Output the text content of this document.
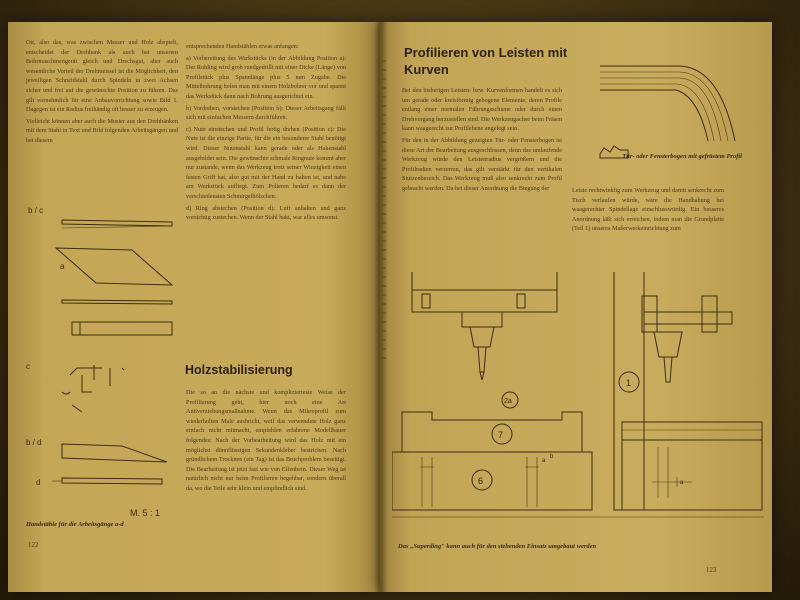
Ott, also das, was zwischen Messer und Holz abspielt, entscheidet der Drehbank als auch bei unserem Bohrmaschinengerät gleich und Drechsgut, aber auch wesentliche Vorteil der Drehmeissel ist die Möglichkeit, den jeweiligen Schneidstahl durch Spindeln in zwei Achsen sicher und frei auf die gewünschte Position zu führen. Das gilt vornehmlich für eine Anbauvorrichtung sowie Bild 1. Dagegen ist ein Radius freihändig oft besser zu erzeugen.

Vielleicht können aber auch die Muster aus den Drehbänken mit dem Stahl in Text und Bild folgenden Arbeitsgängen und bei diesem

b / c
a
c
b / d
d
M. 5 : 1
Handstähle für die Arbeitsgänge a-d
122

entsprechenden Handstählen etwas anfangen:

a) Vorbereitung des Werkstücks (in der Abbildung Position a): Der Rohling wird grob rundgedrillt mit einer Dicke (Länge) von Profilstück plus Spannlänge plus 5 mm Zugabe. Die Mittelbohrung holen man mit einem Holzbohrer vor und spannt das Werkstück dann nach Bohrung ausgerichtet ein.

b) Vordrehen, vorstechen (Position b): Dieser Arbeitsgang fällt sich mit einfachen Messern durchführen.

c) Nute einstechen und Profil fertig drehen (Position c): Die Nute ist die einzige Partie, für die ein besonderer Stahl benötigt wird. Dieser Nutenstahl kann gerade oder als Hakenstahl ausgebildet sein. Die gewünschte schmale Ringnute kommt aber nur zustande, wenn das Werkzeug trotz seiner Winzigkeit einen festen Griff hat, also gut mit der Hand zu halten ist, und nahe am Werkstück aufliegt. Zum Polieren bedarf es dann der verschiedensten Schmirgelhölzchen.

d) Ring abstechen (Position d): Luft anhalten und ganz vorsichtig zustechen. Wenn der Stahl hakt, war alles umsonst.

Holzstabilisierung

Die so an die nächste und komplizierteste Weise der Profilierung geht, hier noch eine Art Antiverziehungsmaßnahme. Wenn das Mikroprofil zum wiederholten Male ausbricht, weil das verwendete Holz ganz einfach nicht mitmacht, empfehlen erfahrene Modellbauer folgendes: Nach der Vorbearbeitung wird das Holz mit ein möglichst dünnflüssigen Sekundenkleber bestrichen. Nach gründlichem Trocknen (ein Tag) ist das Bruchproblem beseitigt. Die Bearbeitung ist jetzt fast wie von Elfenbein. Dieser Weg ist natürlich nicht nur beim Profilieren begehbar, sondern überall da, wo die Teile sehr klein und empfindlich sind.

Profilieren von Leisten mit Kurven

Bei den bisherigen Leisten- bzw. Kurvenformen handelt es sich um gerade oder kreisförmig gebogene Elemente, deren Profile entlang einer normalen Führungsschiene oder durch einen Drehvorgang herzustellen sind. Die Werkzeugachse beim Fräsen kann waagerecht zur Profilebene angelegt sein.

Für den in der Abbildung gezeigten Tür- oder Fensterbogen ist diese Art der Bearbeitung ausgeschlossen, denn das umlaufende Werkzeug würde den Leistenradius vergrößern und die Profilradien verzerren, das gilt verstärkt für den vertikalen Stutzenbereich. Das Werkzeug muß also senkrecht zum Profil gebracht werden. Da bei dieser Anordnung die Biegung der

Tür- oder Fensterbogen mit gefrästem Profil

Leiste rechtwinklig zum Werkzeug und damit senkrecht zum Tisch verlaufen würde, wäre die Handhabung bei waagerechter Spindellage einschlusswürdig. Ein besseres Anordnung läßt sich erreichen, indem man die Grundplatte (Teil 1) unseres Maßerwerkeinrichtung zum

2a
7
6
a
b
1
a
Das „Superding" kann auch für den stehenden Einsatz umgebaut werden
123
